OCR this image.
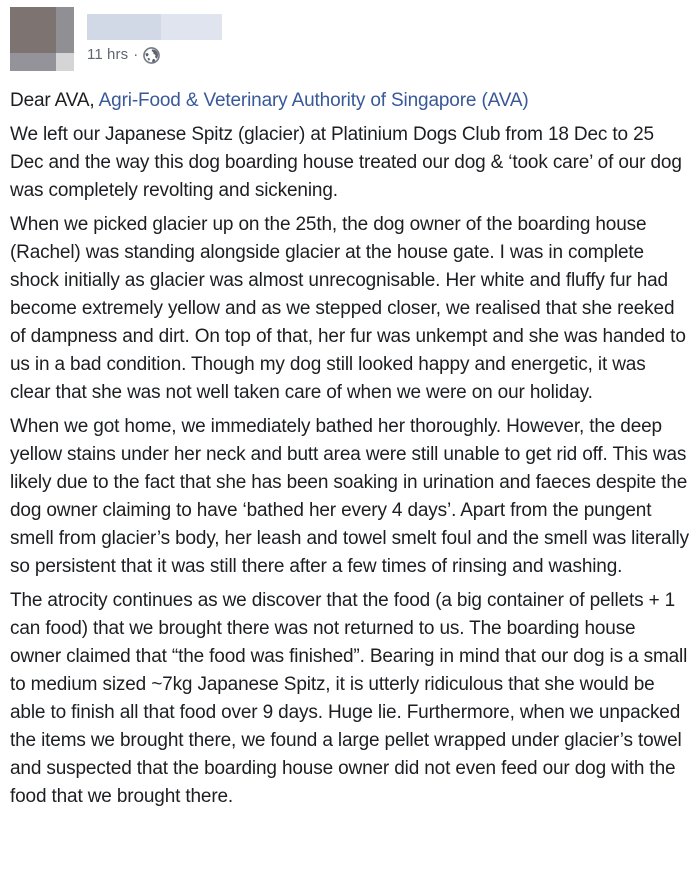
11 hrs ·

Dear AVA, Agri-Food & Veterinary Authority of Singapore (AVA)

We left our Japanese Spitz (glacier) at Platinium Dogs Club from 18 Dec to 25 Dec and the way this dog boarding house treated our dog & ‘took care’ of our dog was completely revolting and sickening.

When we picked glacier up on the 25th, the dog owner of the boarding house (Rachel) was standing alongside glacier at the house gate. I was in complete shock initially as glacier was almost unrecognisable. Her white and fluffy fur had become extremely yellow and as we stepped closer, we realised that she reeked of dampness and dirt. On top of that, her fur was unkempt and she was handed to us in a bad condition. Though my dog still looked happy and energetic, it was clear that she was not well taken care of when we were on our holiday.

When we got home, we immediately bathed her thoroughly. However, the deep yellow stains under her neck and butt area were still unable to get rid off. This was likely due to the fact that she has been soaking in urination and faeces despite the dog owner claiming to have ‘bathed her every 4 days’. Apart from the pungent smell from glacier’s body, her leash and towel smelt foul and the smell was literally so persistent that it was still there after a few times of rinsing and washing.

The atrocity continues as we discover that the food (a big container of pellets + 1 can food) that we brought there was not returned to us. The boarding house owner claimed that “the food was finished”. Bearing in mind that our dog is a small to medium sized ~7kg Japanese Spitz, it is utterly ridiculous that she would be able to finish all that food over 9 days. Huge lie. Furthermore, when we unpacked the items we brought there, we found a large pellet wrapped under glacier’s towel and suspected that the boarding house owner did not even feed our dog with the food that we brought there.
